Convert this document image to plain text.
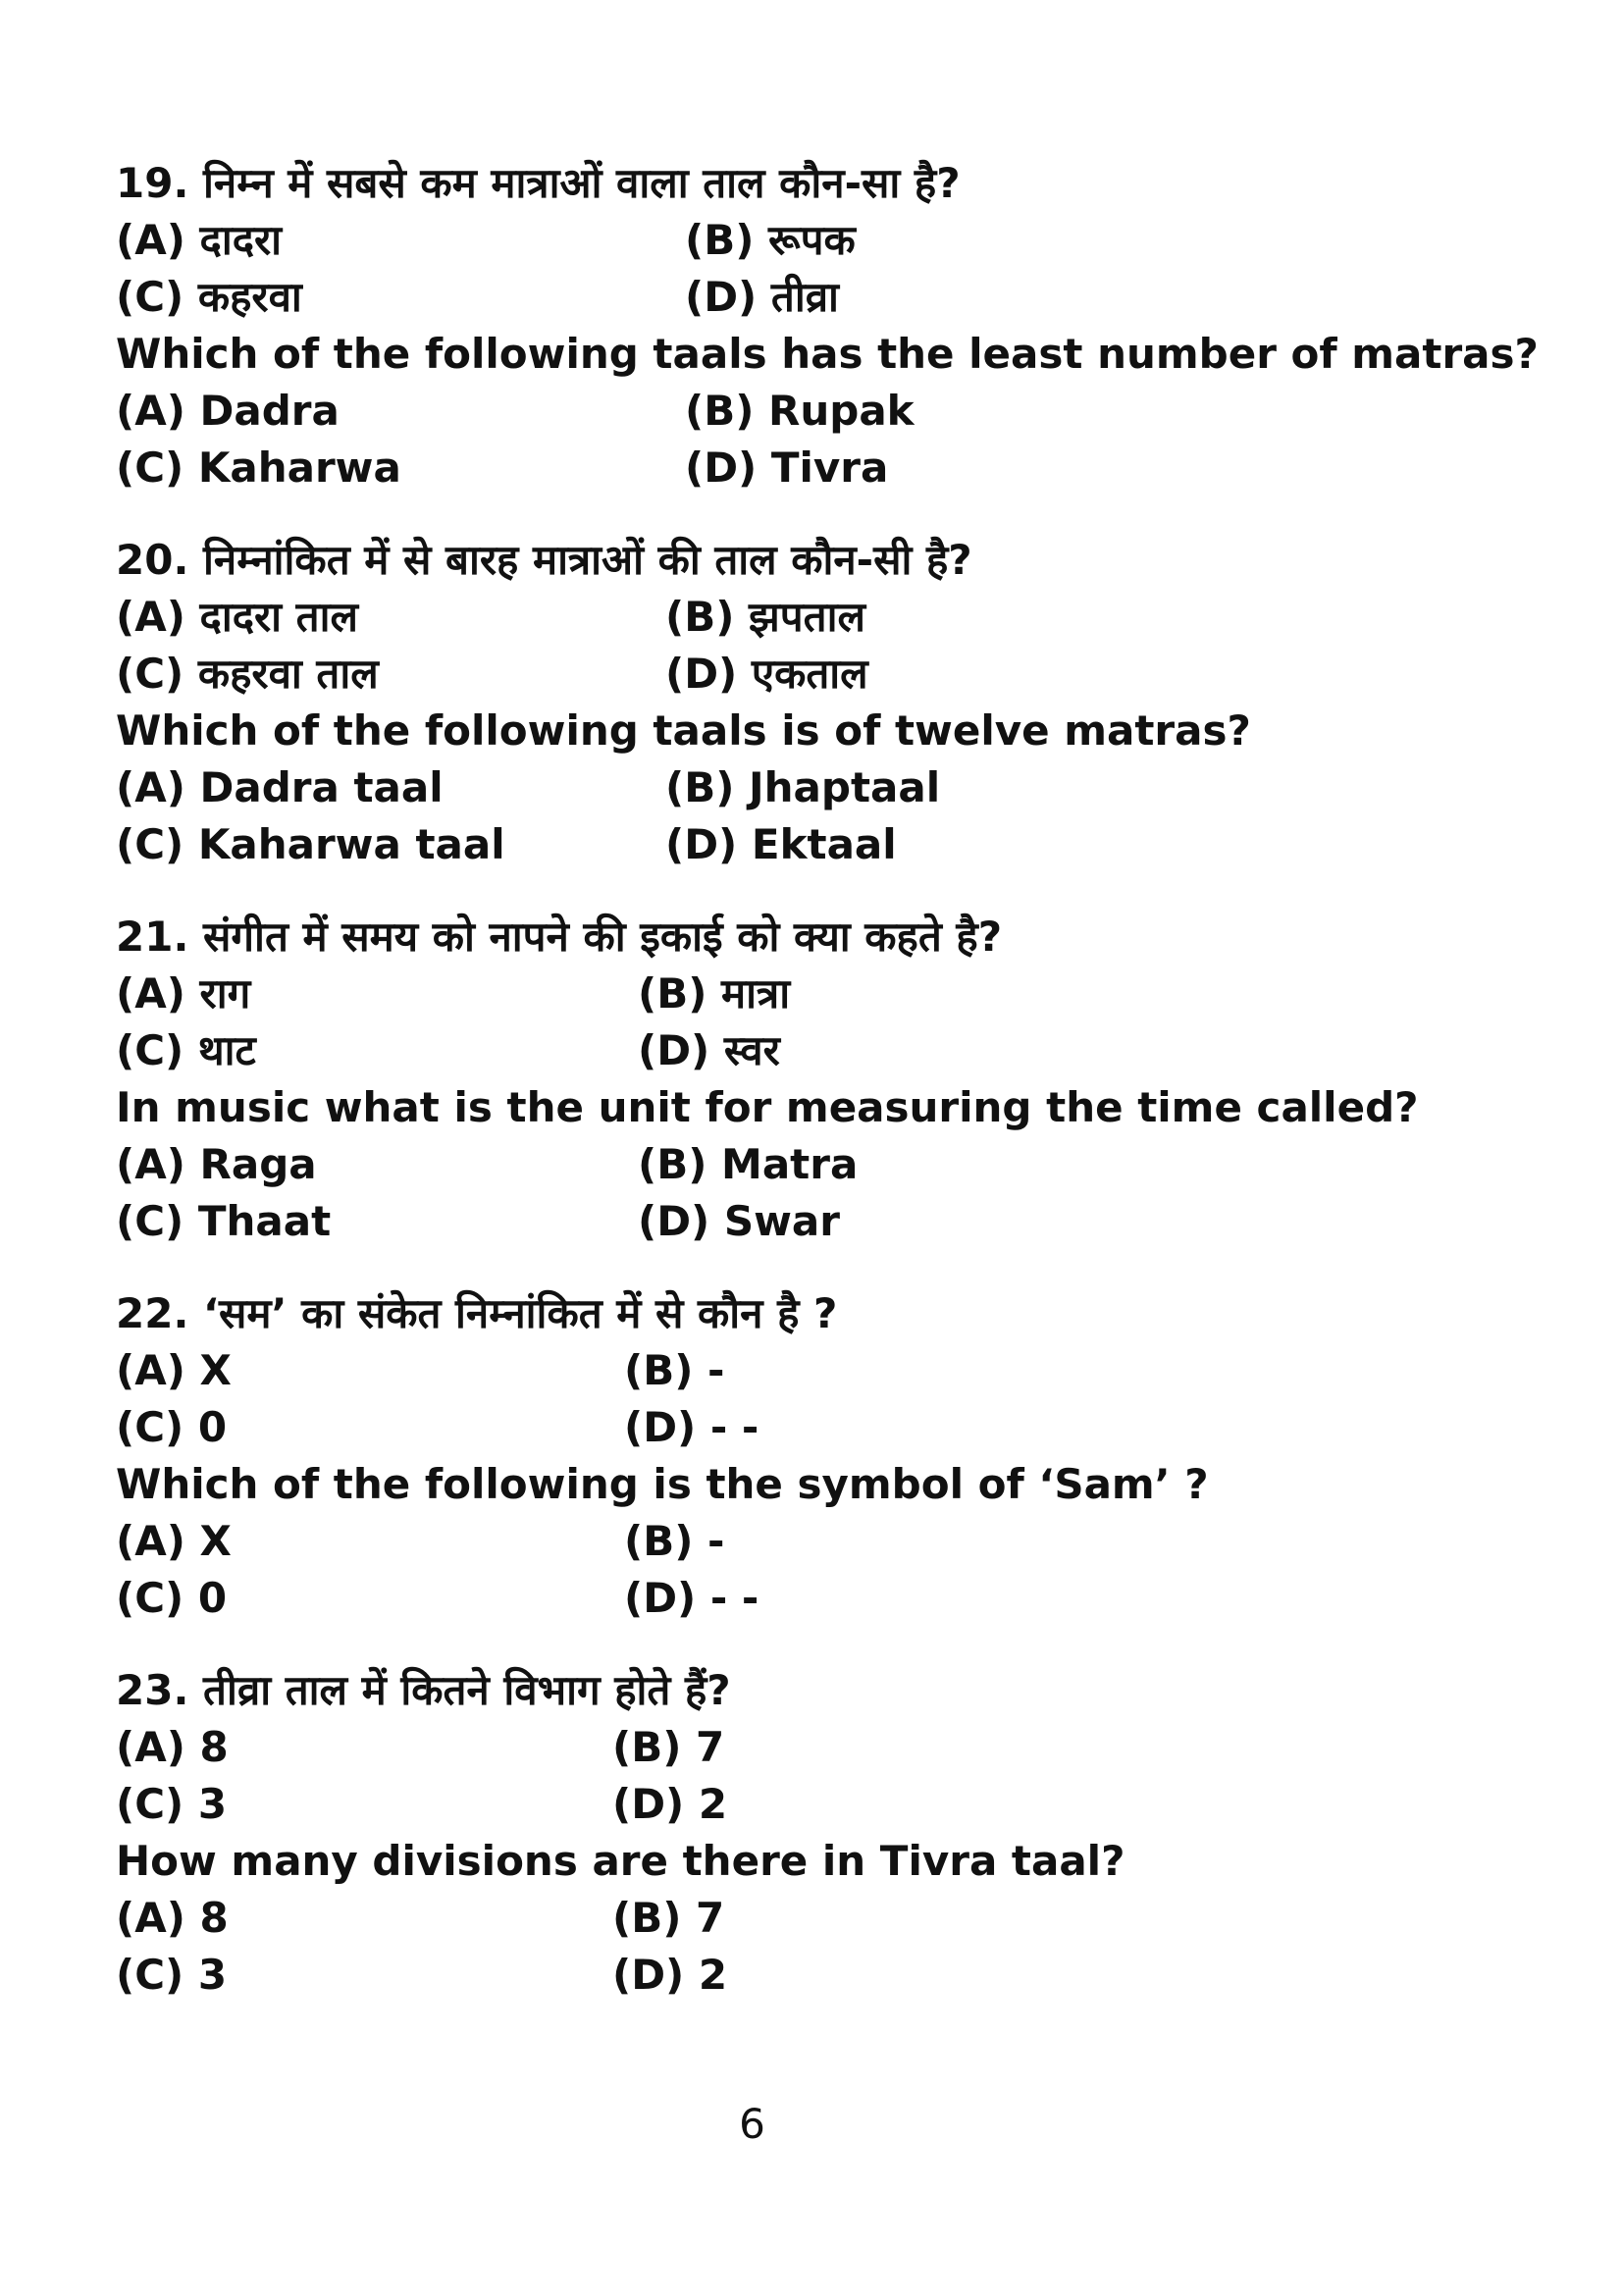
19. निम्न में सबसे कम मात्राओं वाला ताल कौन-सा है?
(A) दादरा	(B) रूपक
(C) कहरवा	(D) तीव्रा
Which of the following taals has the least number of matras?
(A) Dadra	(B) Rupak
(C) Kaharwa	(D) Tivra
20. निम्नांकित में से बारह मात्राओं की ताल कौन-सी है?
(A) दादरा ताल	(B) झपताल
(C) कहरवा ताल	(D) एकताल
Which of the following taals is of twelve matras?
(A) Dadra taal	(B) Jhaptaal
(C) Kaharwa taal	(D) Ektaal
21. संगीत में समय को नापने की इकाई को क्या कहते है?
(A) राग	(B) मात्रा
(C) थाट	(D) स्वर
In music what is the unit for measuring the time called?
(A) Raga	(B) Matra
(C) Thaat	(D) Swar
22. ‘सम’ का संकेत निम्नांकित में से कौन है ?
(A) X	(B) -
(C) 0	(D) - -
Which of the following is the symbol of ‘Sam’ ?
(A) X	(B) -
(C) 0	(D) - -
23. तीव्रा ताल में कितने विभाग होते हैं?
(A) 8	(B) 7
(C) 3	(D) 2
How many divisions are there in Tivra taal?
(A) 8	(B) 7
(C) 3	(D) 2
6
